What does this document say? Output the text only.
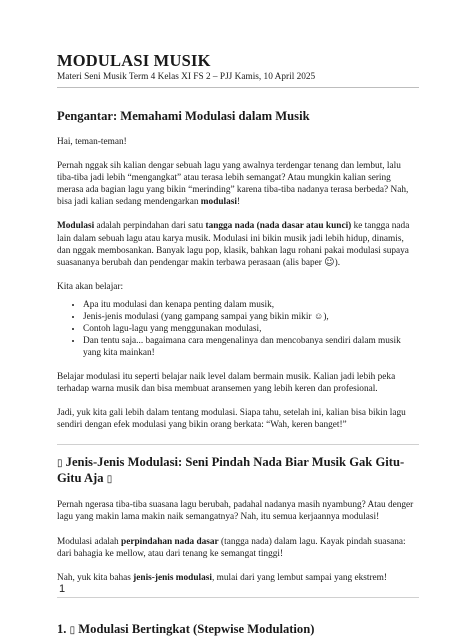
MODULASI MUSIK
Materi Seni Musik Term 4 Kelas XI FS 2 – PJJ Kamis, 10 April 2025
Pengantar: Memahami Modulasi dalam Musik

Hai, teman-teman!

Pernah nggak sih kalian dengar sebuah lagu yang awalnya terdengar tenang dan lembut, lalu tiba-tiba jadi lebih “mengangkat” atau terasa lebih semangat? Atau mungkin kalian sering merasa ada bagian lagu yang bikin “merinding” karena tiba-tiba nadanya terasa berbeda? Nah, bisa jadi kalian sedang mendengarkan modulasi!

Modulasi adalah perpindahan dari satu tangga nada (nada dasar atau kunci) ke tangga nada lain dalam sebuah lagu atau karya musik. Modulasi ini bikin musik jadi lebih hidup, dinamis, dan nggak membosankan. Banyak lagu pop, klasik, bahkan lagu rohani pakai modulasi supaya suasananya berubah dan pendengar makin terbawa perasaan (alis baper ☺).

Kita akan belajar:

• Apa itu modulasi dan kenapa penting dalam musik,
• Jenis-jenis modulasi (yang gampang sampai yang bikin mikir ☺),
• Contoh lagu-lagu yang menggunakan modulasi,
• Dan tentu saja... bagaimana cara mengenalinya dan mencobanya sendiri dalam musik yang kita mainkan!

Belajar modulasi itu seperti belajar naik level dalam bermain musik. Kalian jadi lebih peka terhadap warna musik dan bisa membuat aransemen yang lebih keren dan profesional.

Jadi, yuk kita gali lebih dalam tentang modulasi. Siapa tahu, setelah ini, kalian bisa bikin lagu sendiri dengan efek modulasi yang bikin orang berkata: “Wah, keren banget!”

▯ Jenis-Jenis Modulasi: Seni Pindah Nada Biar Musik Gak Gitu-Gitu Aja ▯

Pernah ngerasa tiba-tiba suasana lagu berubah, padahal nadanya masih nyambung? Atau denger lagu yang makin lama makin naik semangatnya? Nah, itu semua kerjaannya modulasi!

Modulasi adalah perpindahan nada dasar (tangga nada) dalam lagu. Kayak pindah suasana: dari bahagia ke mellow, atau dari tenang ke semangat tinggi!

Nah, yuk kita bahas jenis-jenis modulasi, mulai dari yang lembut sampai yang ekstrem!

1. ▯ Modulasi Bertingkat (Stepwise Modulation)
1
